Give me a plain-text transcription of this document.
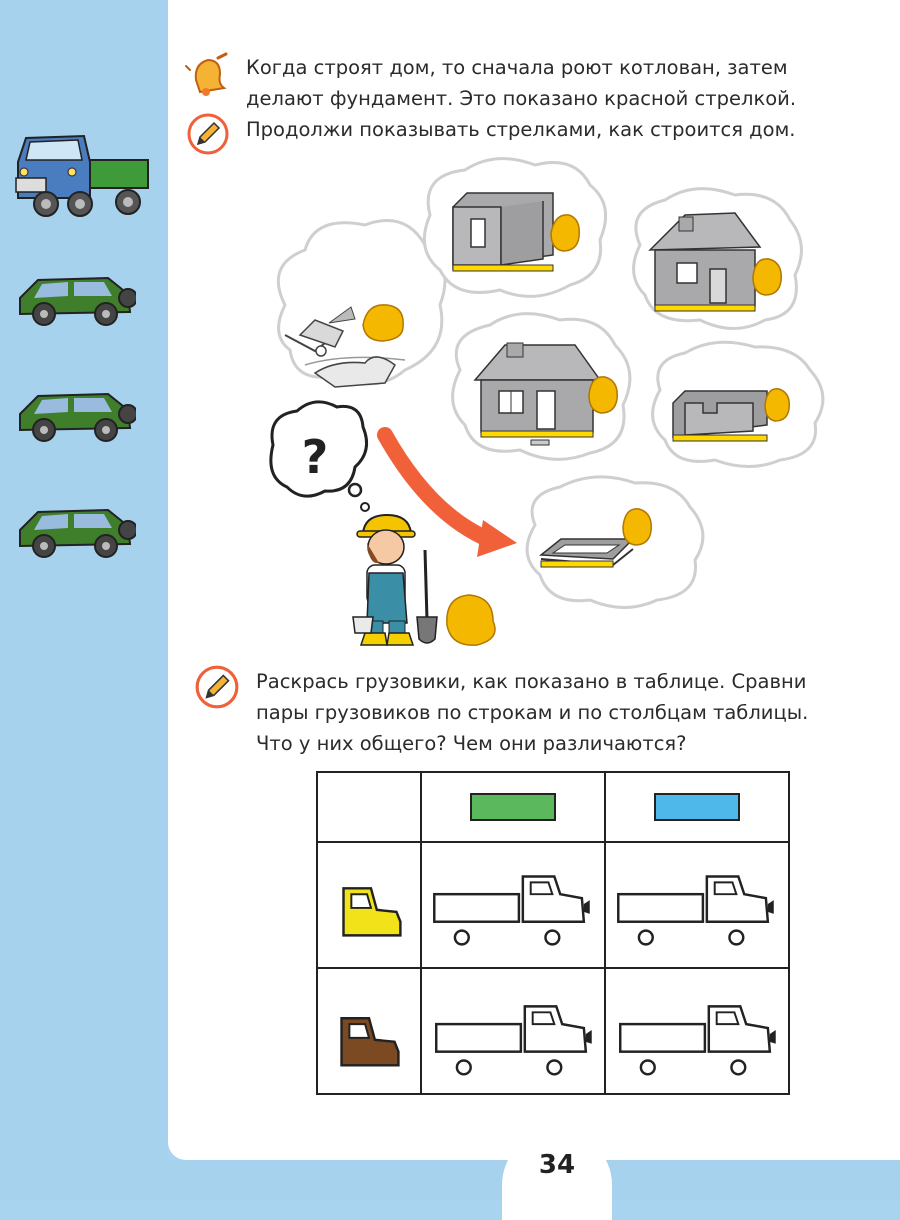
34
Когда строят дом, то сначала роют котлован, затем
делают фундамент. Это показано красной стрелкой.
Продолжи показывать стрелками, как строится дом.
?
Раскрась грузовики, как показано в таблице. Сравни
пары грузовиков по строкам и по столбцам таблицы.
Что у них общего? Чем они различаются?
